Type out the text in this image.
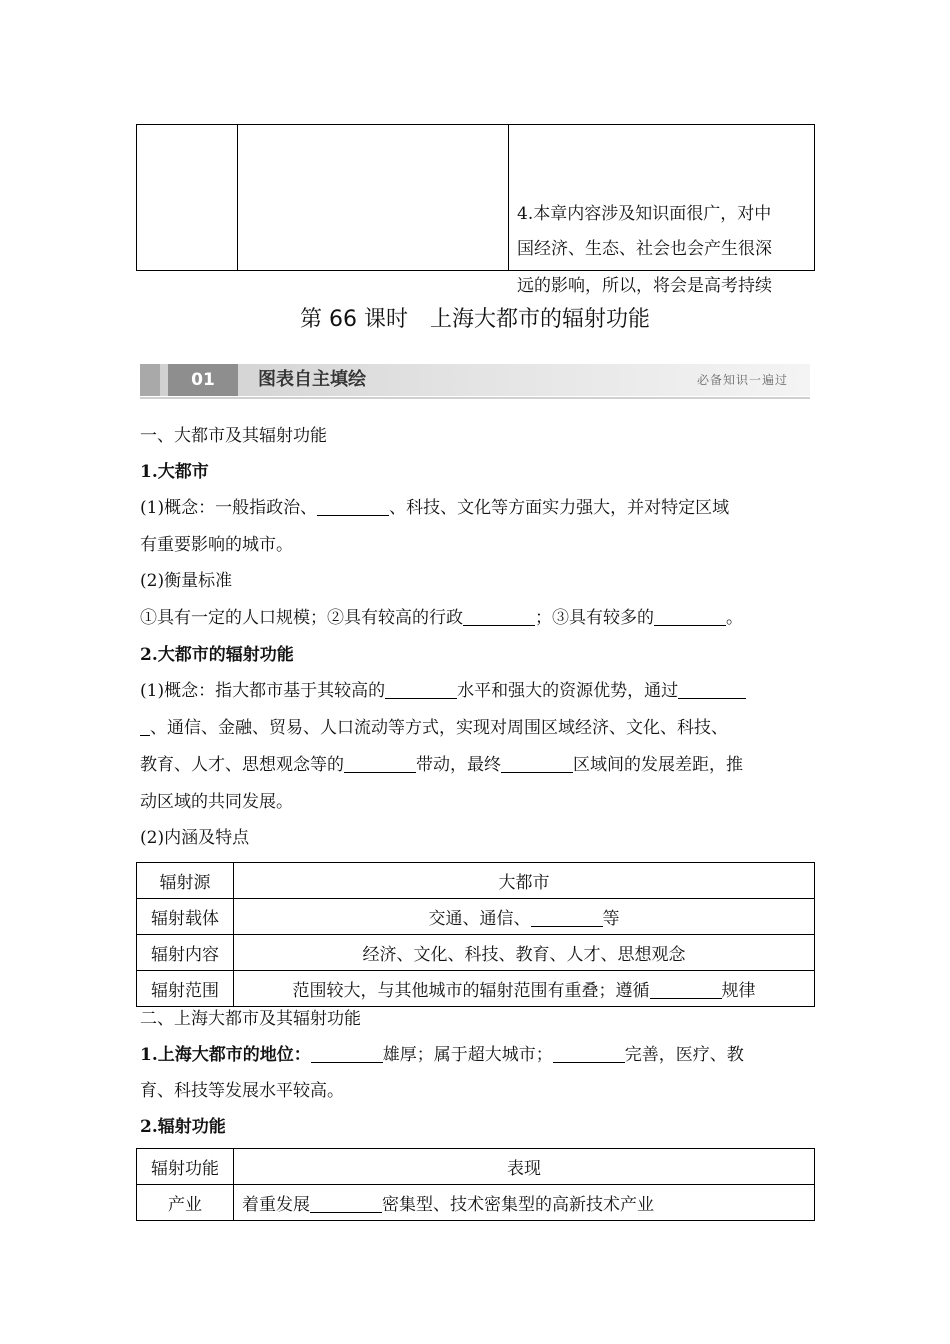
4.本章内容涉及知识面很广，对中
国经济、生态、社会也会产生很深
远的影响，所以，将会是高考持续
第 66 课时　上海大都市的辐射功能
01	图表自主填绘	必备知识一遍过
一、大都市及其辐射功能
1.大都市
(1)概念：一般指政治、	、科技、文化等方面实力强大，并对特定区域
有重要影响的城市。
(2)衡量标准
①具有一定的人口规模；②具有较高的行政	；③具有较多的	。
2.大都市的辐射功能
(1)概念：指大都市基于其较高的	水平和强大的资源优势，通过
、通信、金融、贸易、人口流动等方式，实现对周围区域经济、文化、科技、
教育、人才、思想观念等的	带动，最终	区域间的发展差距，推
动区域的共同发展。
(2)内涵及特点
辐射源	大都市
辐射载体	交通、通信、 等
辐射内容	经济、文化、科技、教育、人才、思想观念
辐射范围	范围较大，与其他城市的辐射范围有重叠；遵循 规律
二、上海大都市及其辐射功能
1.上海大都市的地位：	雄厚；属于超大城市；	完善，医疗、教
育、科技等发展水平较高。
2.辐射功能
辐射功能	表现
产业	着重发展 密集型、技术密集型的高新技术产业
